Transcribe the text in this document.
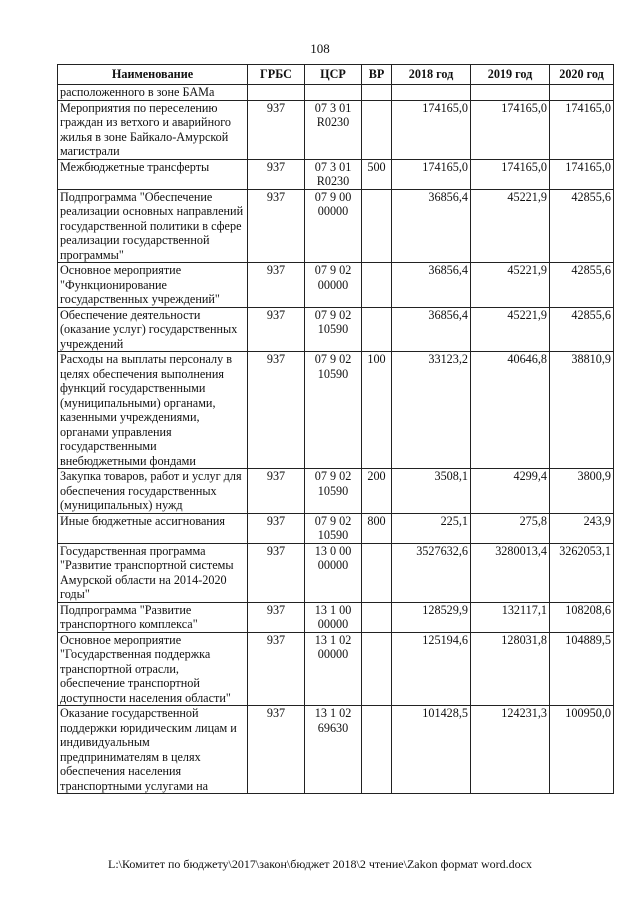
108
Наименование	ГРБС	ЦСР	ВР	2018 год	2019 год	2020 год
расположенного в зоне БАМа						
Мероприятия по переселению граждан из ветхого и аварийного жилья в зоне Байкало-Амурской магистрали	937	07 3 01 R0230		174165,0	174165,0	174165,0
Межбюджетные трансферты	937	07 3 01 R0230	500	174165,0	174165,0	174165,0
Подпрограмма "Обеспечение реализации основных направлений государственной политики в сфере реализации государственной программы"	937	07 9 00 00000		36856,4	45221,9	42855,6
Основное мероприятие "Функционирование государственных учреждений"	937	07 9 02 00000		36856,4	45221,9	42855,6
Обеспечение деятельности (оказание услуг) государственных учреждений	937	07 9 02 10590		36856,4	45221,9	42855,6
Расходы на выплаты персоналу в целях обеспечения выполнения функций государственными (муниципальными) органами, казенными учреждениями, органами управления государственными внебюджетными фондами	937	07 9 02 10590	100	33123,2	40646,8	38810,9
Закупка товаров, работ и услуг для обеспечения государственных (муниципальных) нужд	937	07 9 02 10590	200	3508,1	4299,4	3800,9
Иные бюджетные ассигнования	937	07 9 02 10590	800	225,1	275,8	243,9
Государственная программа "Развитие транспортной системы Амурской области на 2014-2020 годы"	937	13 0 00 00000		3527632,6	3280013,4	3262053,1
Подпрограмма "Развитие транспортного комплекса"	937	13 1 00 00000		128529,9	132117,1	108208,6
Основное мероприятие "Государственная поддержка транспортной отрасли, обеспечение транспортной доступности населения области"	937	13 1 02 00000		125194,6	128031,8	104889,5
Оказание государственной поддержки юридическим лицам и индивидуальным предпринимателям в целях обеспечения населения транспортными услугами на	937	13 1 02 69630		101428,5	124231,3	100950,0
L:\Комитет по бюджету\2017\закон\бюджет 2018\2 чтение\Zakon формат word.docx
